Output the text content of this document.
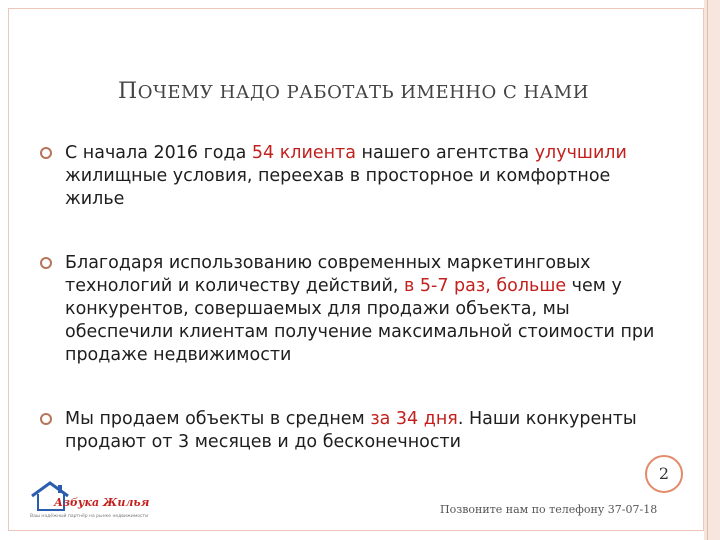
ПОЧЕМУ НАДО РАБОТАТЬ ИМЕННО С НАМИ
С начала 2016 года 54 клиента нашего агентства улучшили жилищные условия, переехав в просторное и комфортное жилье
Благодаря использованию современных маркетинговых технологий и количеству действий, в 5-7 раз, больше чем у конкурентов, совершаемых для продажи объекта, мы обеспечили клиентам получение максимальной стоимости при продаже недвижимости
Мы продаем объекты в среднем за 34 дня. Наши конкуренты продают от 3 месяцев и до бесконечности
2
Азбука Жилья
Ваш надёжный партнёр на рынке недвижимости
Позвоните нам по телефону 37-07-18
